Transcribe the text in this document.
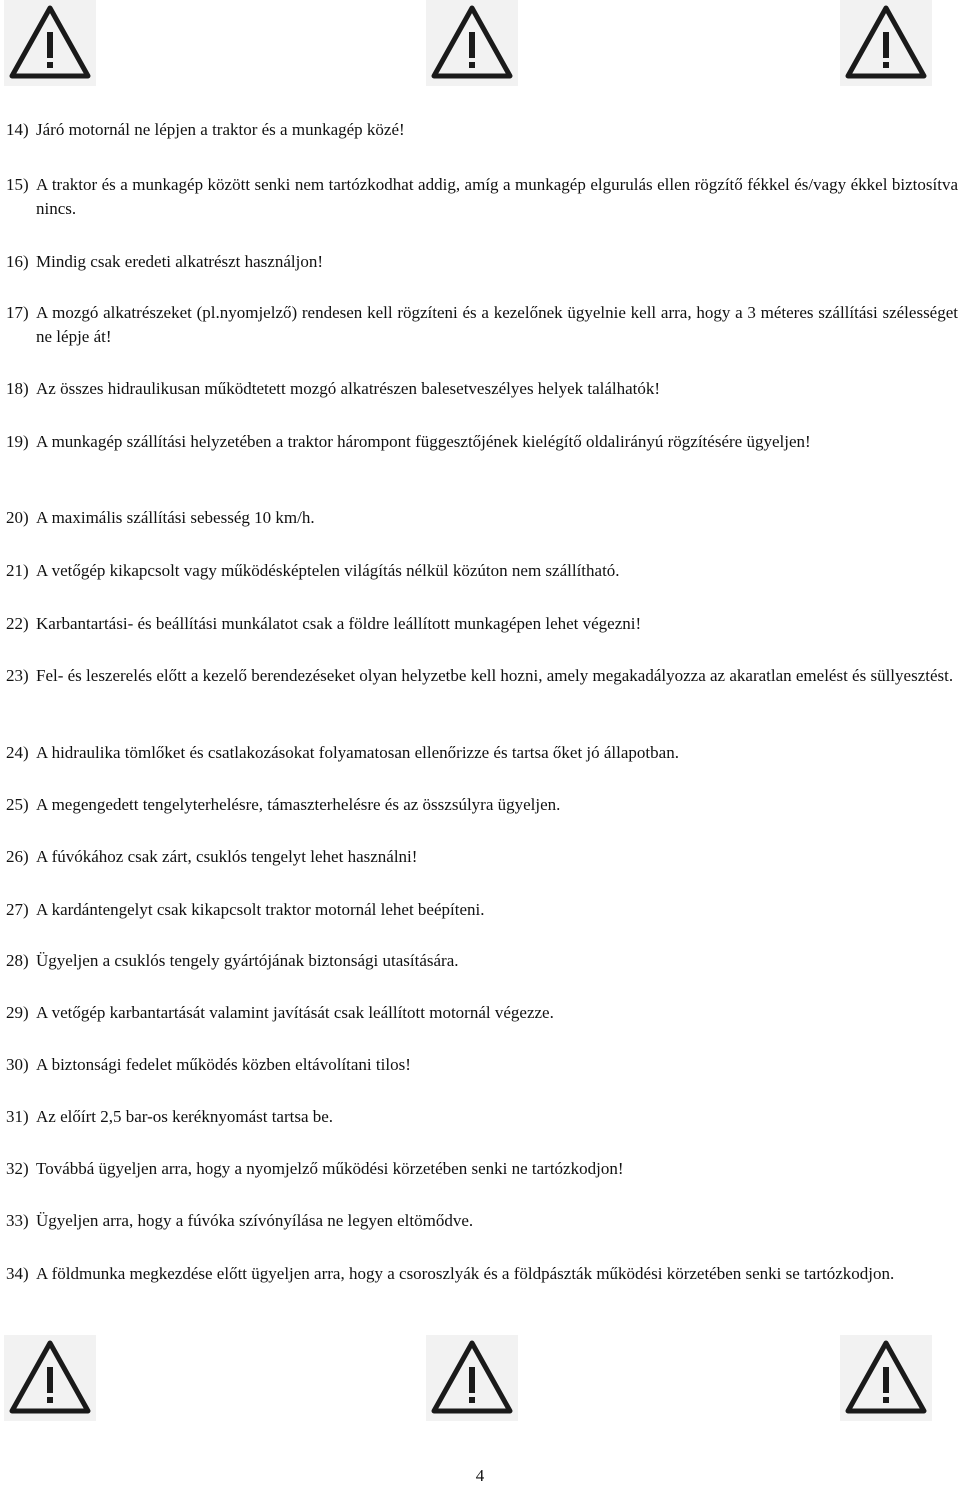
14) Járó motornál ne lépjen a traktor és a munkagép közé!
15) A traktor és a munkagép között senki nem tartózkodhat addig, amíg a munkagép elgurulás ellen rögzítő fékkel és/vagy ékkel biztosítva nincs.
16) Mindig csak eredeti alkatrészt használjon!
17) A mozgó alkatrészeket (pl.nyomjelző) rendesen kell rögzíteni és a kezelőnek ügyelnie kell arra, hogy a 3 méteres szállítási szélességet ne lépje át!
18) Az összes hidraulikusan működtetett mozgó alkatrészen balesetveszélyes helyek találhatók!
19) A munkagép szállítási helyzetében a traktor hárompont függesztőjének kielégítő oldalirányú rögzítésére ügyeljen!
20) A maximális szállítási sebesség 10 km/h.
21) A vetőgép kikapcsolt vagy működésképtelen világítás nélkül közúton nem szállítható.
22) Karbantartási- és beállítási munkálatot csak a földre leállított munkagépen lehet végezni!
23) Fel- és leszerelés előtt a kezelő berendezéseket olyan helyzetbe kell hozni, amely megakadályozza az akaratlan emelést és süllyesztést.
24) A hidraulika tömlőket és csatlakozásokat folyamatosan ellenőrizze és tartsa őket jó állapotban.
25) A megengedett tengelyterhelésre, támaszterhelésre és az összsúlyra ügyeljen.
26) A fúvókához csak zárt, csuklós tengelyt lehet használni!
27) A kardántengelyt csak kikapcsolt traktor motornál lehet beépíteni.
28) Ügyeljen a csuklós tengely gyártójának biztonsági utasítására.
29) A vetőgép karbantartását valamint javítását csak leállított motornál végezze.
30) A biztonsági fedelet működés közben eltávolítani tilos!
31) Az előírt 2,5 bar-os keréknyomást tartsa be.
32) Továbbá ügyeljen arra, hogy a nyomjelző működési körzetében senki ne tartózkodjon!
33) Ügyeljen arra, hogy a fúvóka szívónyílása ne legyen eltömődve.
34) A földmunka megkezdése előtt ügyeljen arra, hogy a csoroszlyák és a földpászták működési körzetében senki se tartózkodjon.
4
